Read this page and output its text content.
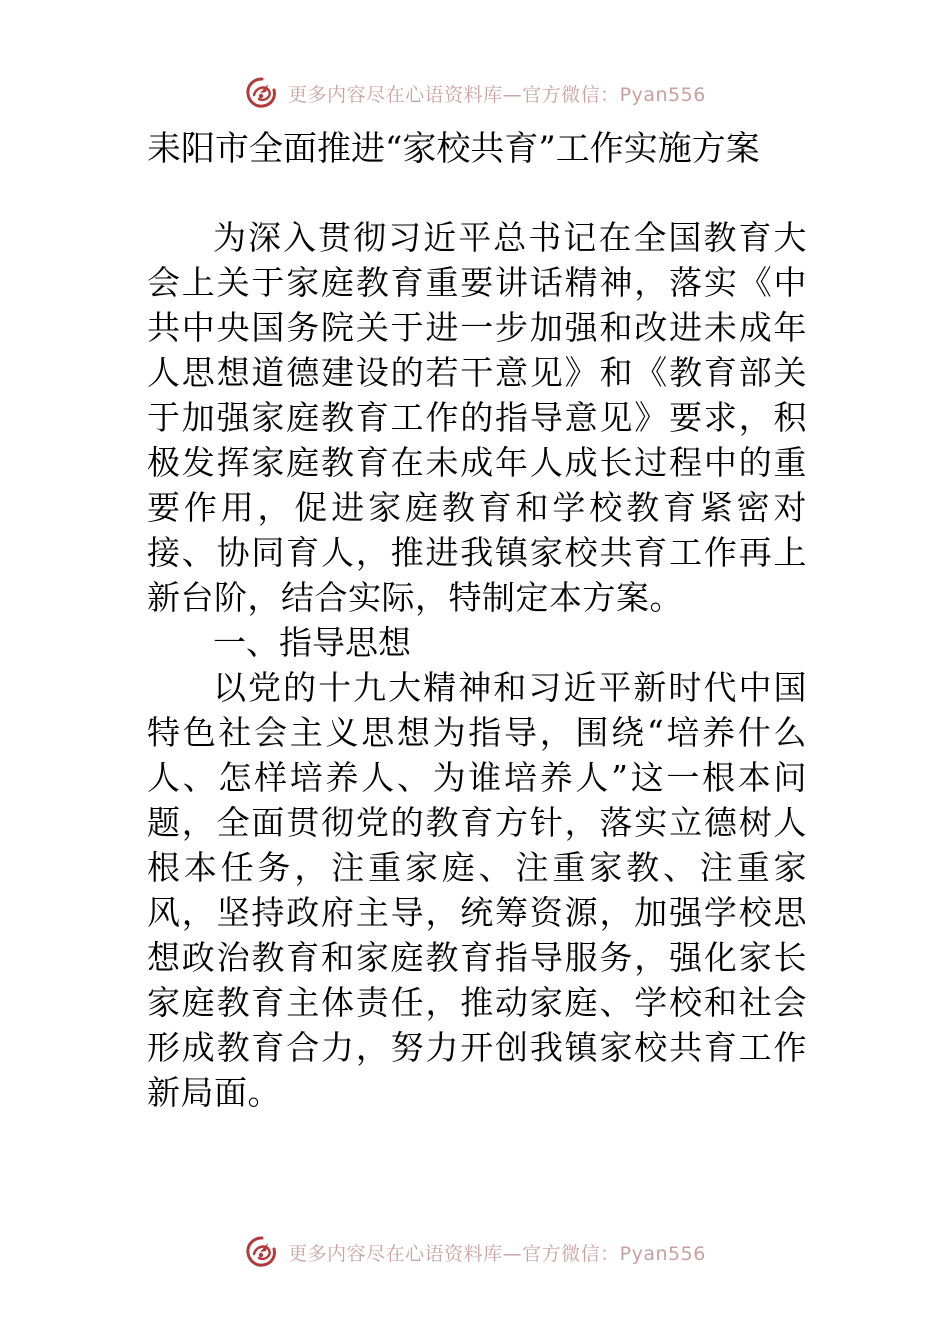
更多内容尽在心语资料库—官方微信：Pyan556
耒阳市全面推进“家校共育”工作实施方案

为深入贯彻习近平总书记在全国教育大会上关于家庭教育重要讲话精神，落实《中共中央国务院关于进一步加强和改进未成年人思想道德建设的若干意见》和《教育部关于加强家庭教育工作的指导意见》要求，积极发挥家庭教育在未成年人成长过程中的重要作用，促进家庭教育和学校教育紧密对接、协同育人，推进我镇家校共育工作再上新台阶，结合实际，特制定本方案。

一、指导思想

以党的十九大精神和习近平新时代中国特色社会主义思想为指导，围绕“培养什么人、怎样培养人、为谁培养人”这一根本问题，全面贯彻党的教育方针，落实立德树人根本任务，注重家庭、注重家教、注重家风，坚持政府主导，统筹资源，加强学校思想政治教育和家庭教育指导服务，强化家长家庭教育主体责任，推动家庭、学校和社会形成教育合力，努力开创我镇家校共育工作新局面。

更多内容尽在心语资料库—官方微信：Pyan556
